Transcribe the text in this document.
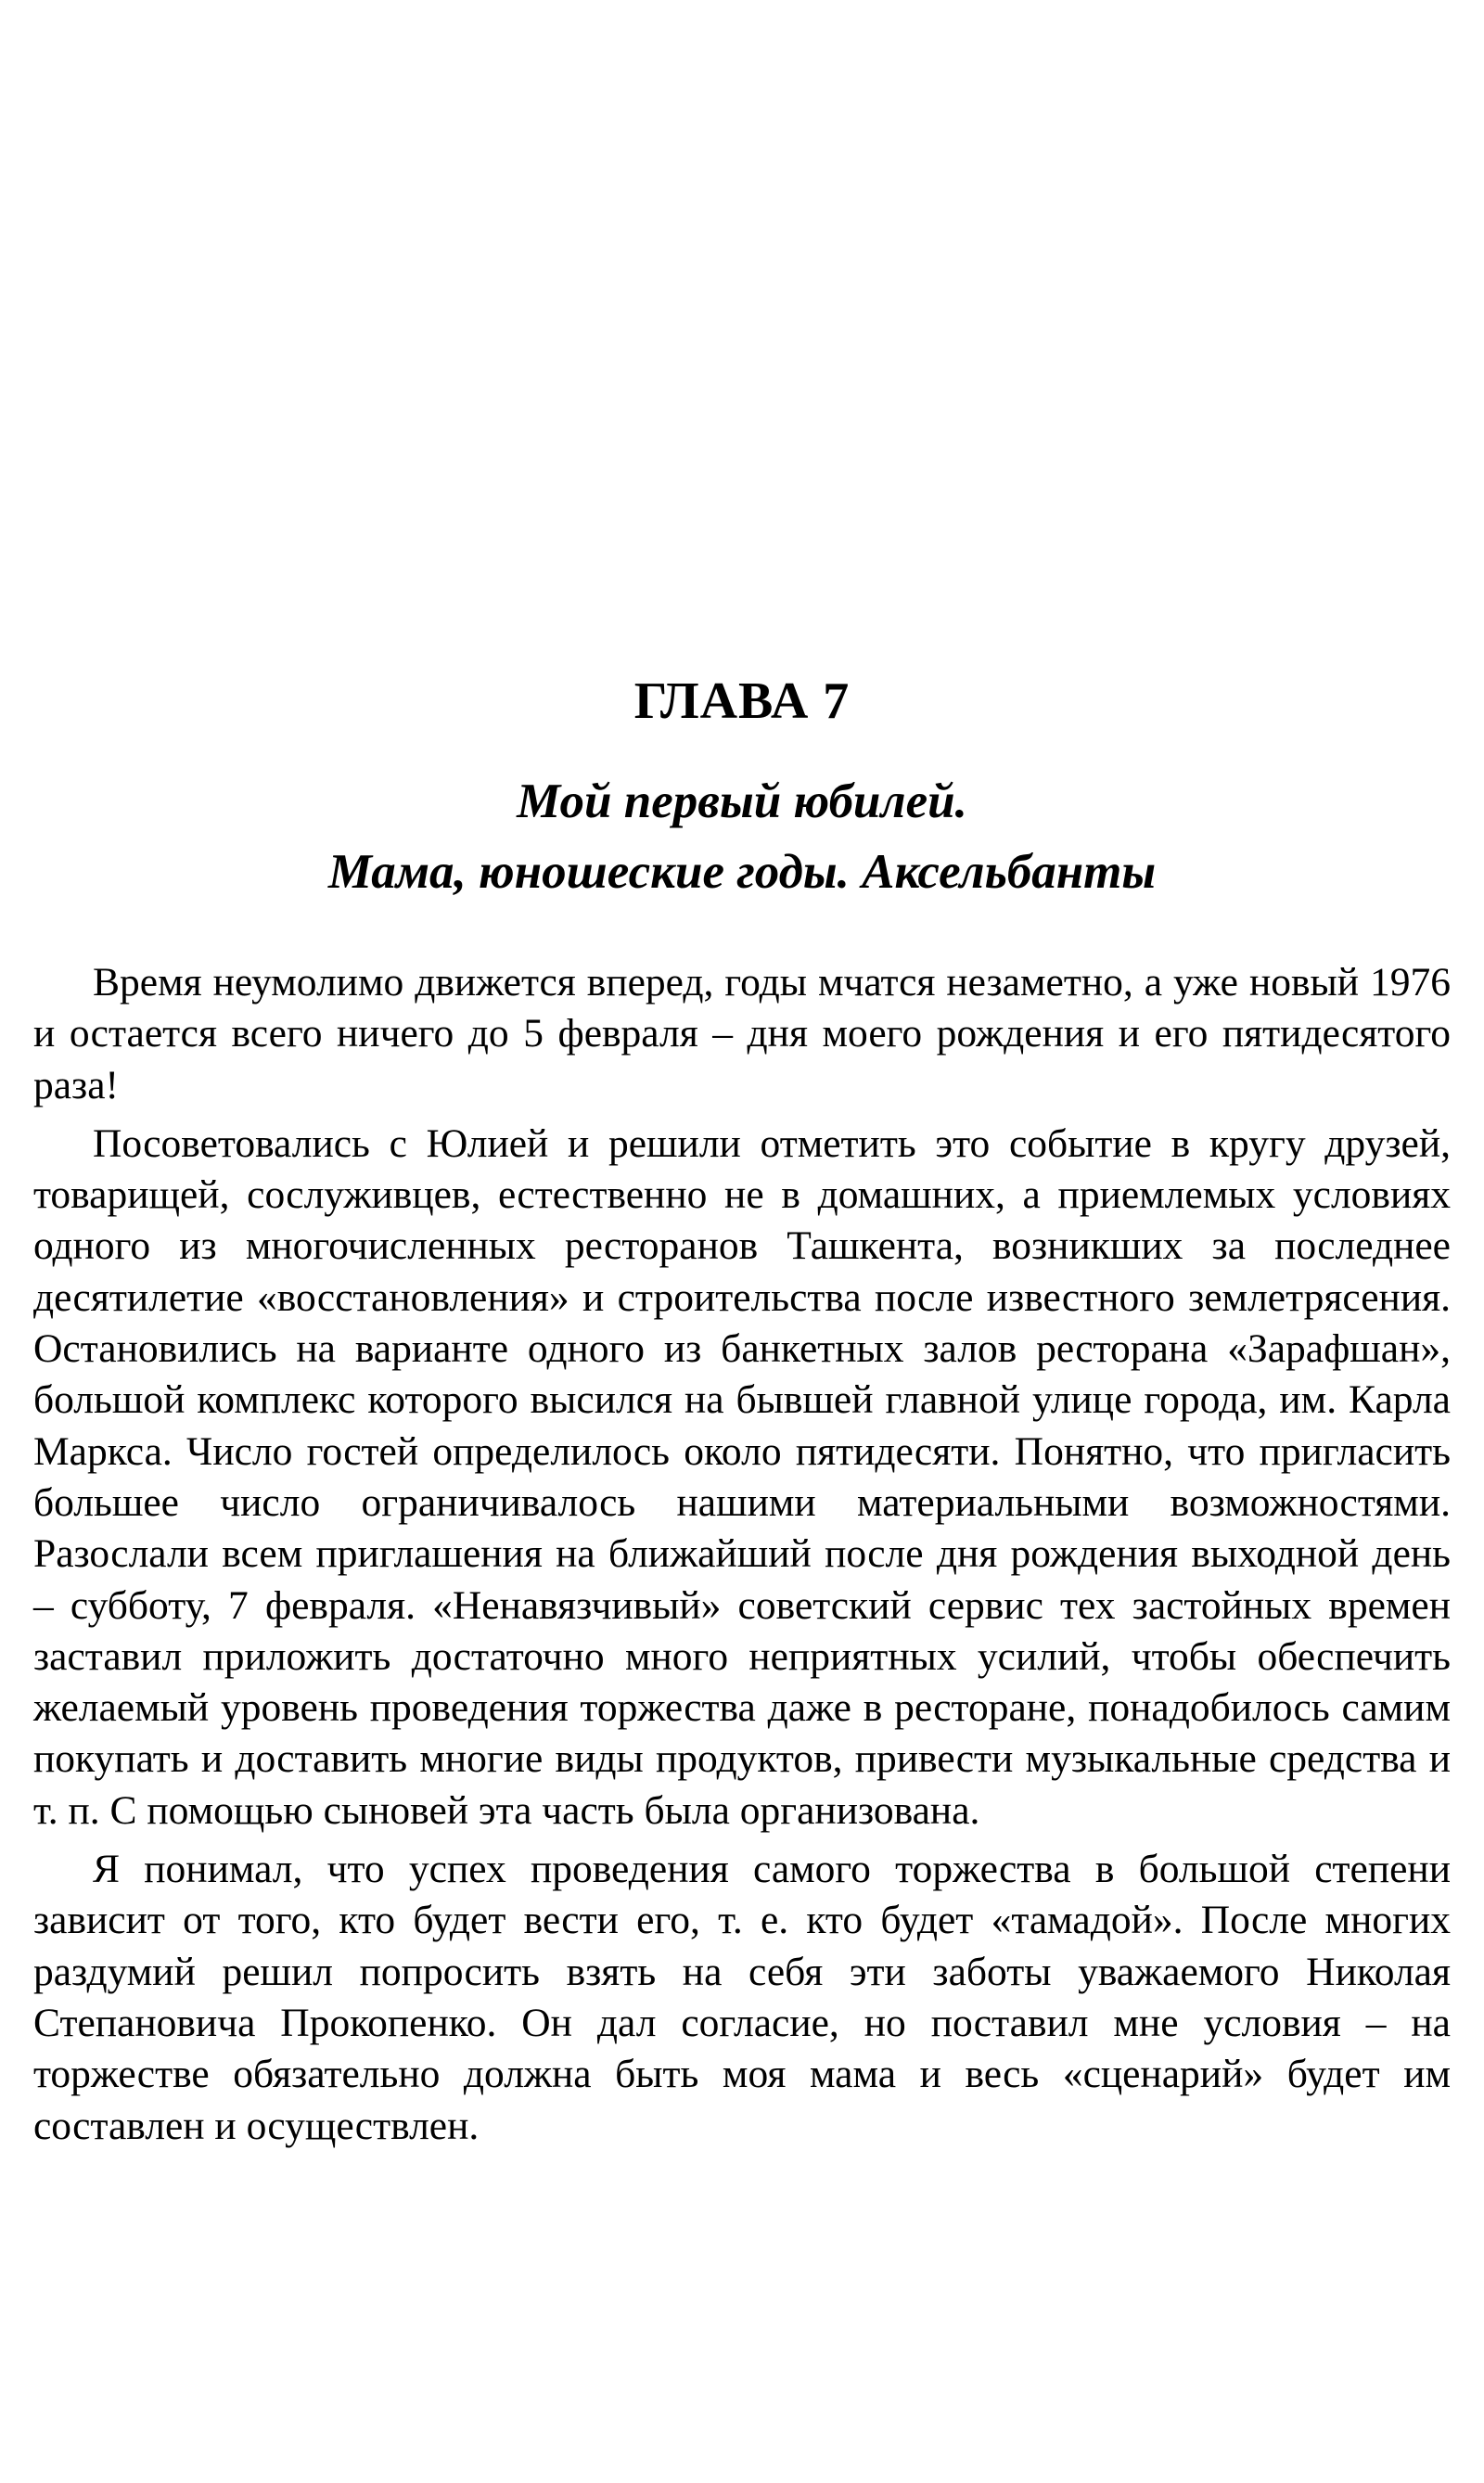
ГЛАВА 7
Мой первый юбилей.
Мама, юношеские годы. Аксельбанты

Время неумолимо движется вперед, годы мчатся незаметно, а уже новый 1976 и остается всего ничего до 5 февраля – дня моего рождения и его пятидесятого раза!

Посоветовались с Юлией и решили отметить это событие в кругу друзей, товарищей, сослуживцев, естественно не в домашних, а приемлемых условиях одного из многочисленных ресторанов Ташкента, возникших за последнее десятилетие «восстановления» и строительства после известного землетрясения. Остановились на варианте одного из банкетных залов ресторана «Зарафшан», большой комплекс которого высился на бывшей главной улице города, им. Карла Маркса. Число гостей определилось около пятидесяти. Понятно, что пригласить большее число ограничивалось нашими материальными возможностями. Разослали всем приглашения на ближайший после дня рождения выходной день – субботу, 7 февраля. «Ненавязчивый» советский сервис тех застойных времен заставил приложить достаточно много неприятных усилий, чтобы обеспечить желаемый уровень проведения торжества даже в ресторане, понадобилось самим покупать и доставить многие виды продуктов, привести музыкальные средства и т. п. С помощью сыновей эта часть была организована.

Я понимал, что успех проведения самого торжества в большой степени зависит от того, кто будет вести его, т. е. кто будет «тамадой». После многих раздумий решил попросить взять на себя эти заботы уважаемого Николая Степановича Прокопенко. Он дал согласие, но поставил мне условия – на торжестве обязательно должна быть моя мама и весь «сценарий» будет им составлен и осуществлен.
